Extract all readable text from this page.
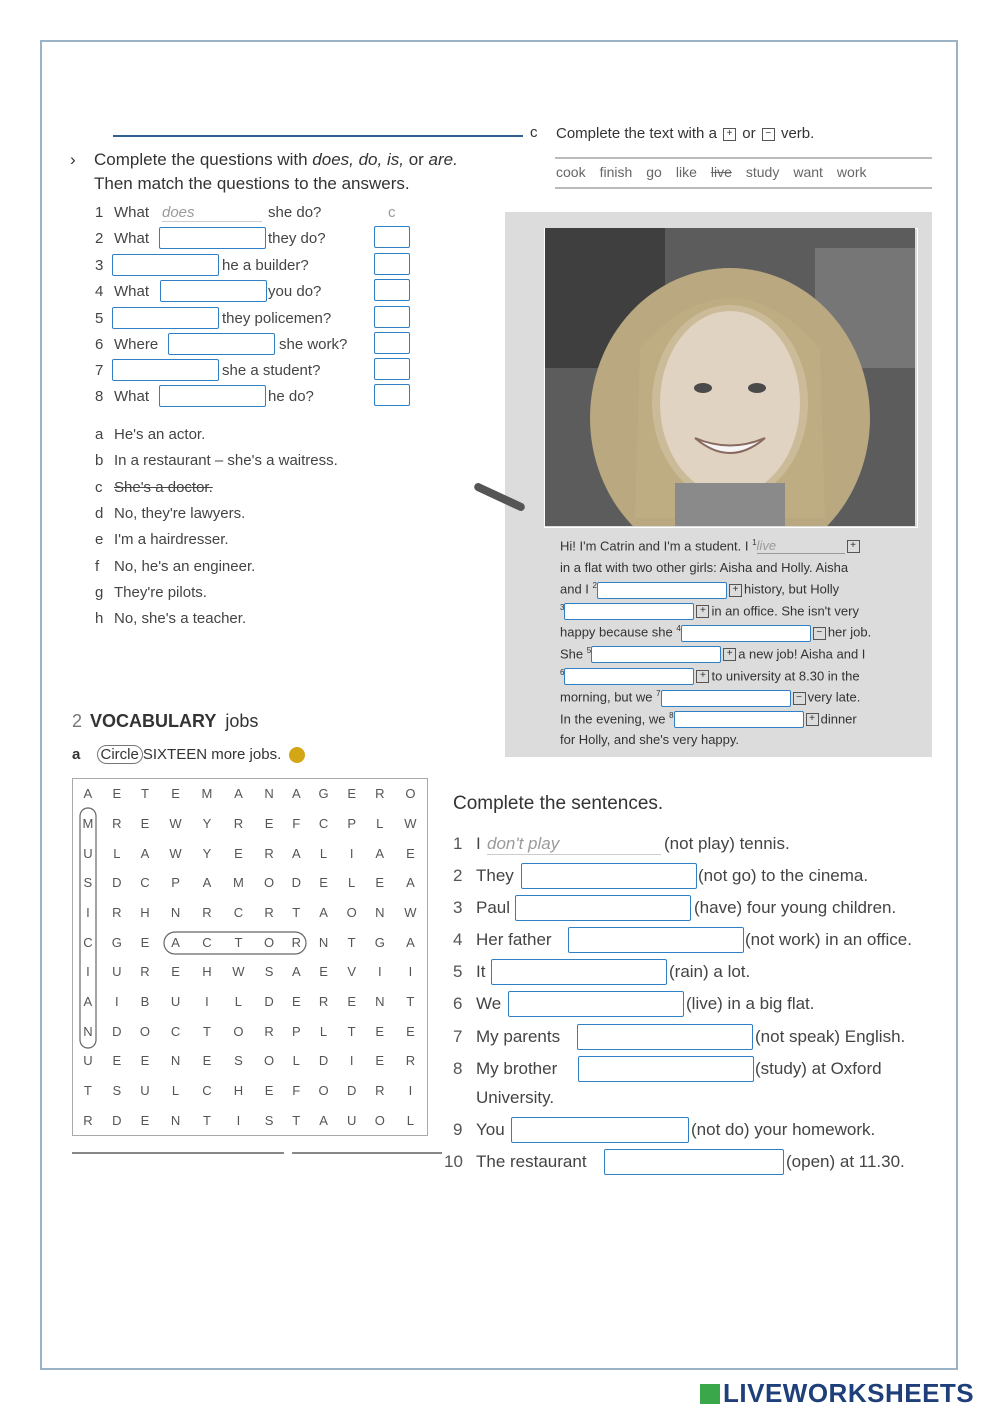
› Complete the questions with does, do, is, or are.
Then match the questions to the answers.
1 What does	she do?	c
2 What	they do?
3	he a builder?
4 What	you do?
5	they policemen?
6 Where	she work?
7	she a student?
8 What	he do?
a He's an actor.
b In a restaurant – she's a waitress.
c She's a doctor.
d No, they're lawyers.
e I'm a hairdresser.
f No, he's an engineer.
g They're pilots.
h No, she's a teacher.
c Complete the text with a + or − verb.
cook finish go like live study want work
Hi! I'm Catrin and I'm a student. I $^1$live	+
in a flat with two other girls: Aisha and Holly. Aisha
and I $^2$	+ history, but Holly
$^3$	+ in an office. She isn't very
happy because she $^4$	− her job.
She $^5$	+ a new job! Aisha and I
$^6$	+ to university at 8.30 in the
morning, but we $^7$	− very late.
In the evening, we $^8$	+ dinner
for Holly, and she's very happy.
2 VOCABULARY jobs
a Circle SIXTEEN more jobs.
A	E	T	E	M	A	N	A	G	E	R	O
M	R	E	W	Y	R	E	F	C	P	L	W
U	L	A	W	Y	E	R	A	L	I	A	E
S	D	C	P	A	M	O	D	E	L	E	A
I	R	H	N	R	C	R	T	A	O	N	W
C	G	E	A	C	T	O	R	N	T	G	A
I	U	R	E	H	W	S	A	E	V	I	I
A	I	B	U	I	L	D	E	R	E	N	T
N	D	O	C	T	O	R	P	L	T	E	E
U	E	E	N	E	S	O	L	D	I	E	R
T	S	U	L	C	H	E	F	O	D	R	I
R	D	E	N	T	I	S	T	A	U	O	L
Complete the sentences.
1 I don't play	(not play) tennis.
2 They	(not go) to the cinema.
3 Paul	(have) four young children.
4 Her father	(not work) in an office.
5 It	(rain) a lot.
6 We	(live) in a big flat.
7 My parents	(not speak) English.
8 My brother	(study) at Oxford
University.
9 You	(not do) your homework.
10 The restaurant	(open) at 11.30.
LIVEWORKSHEETS
